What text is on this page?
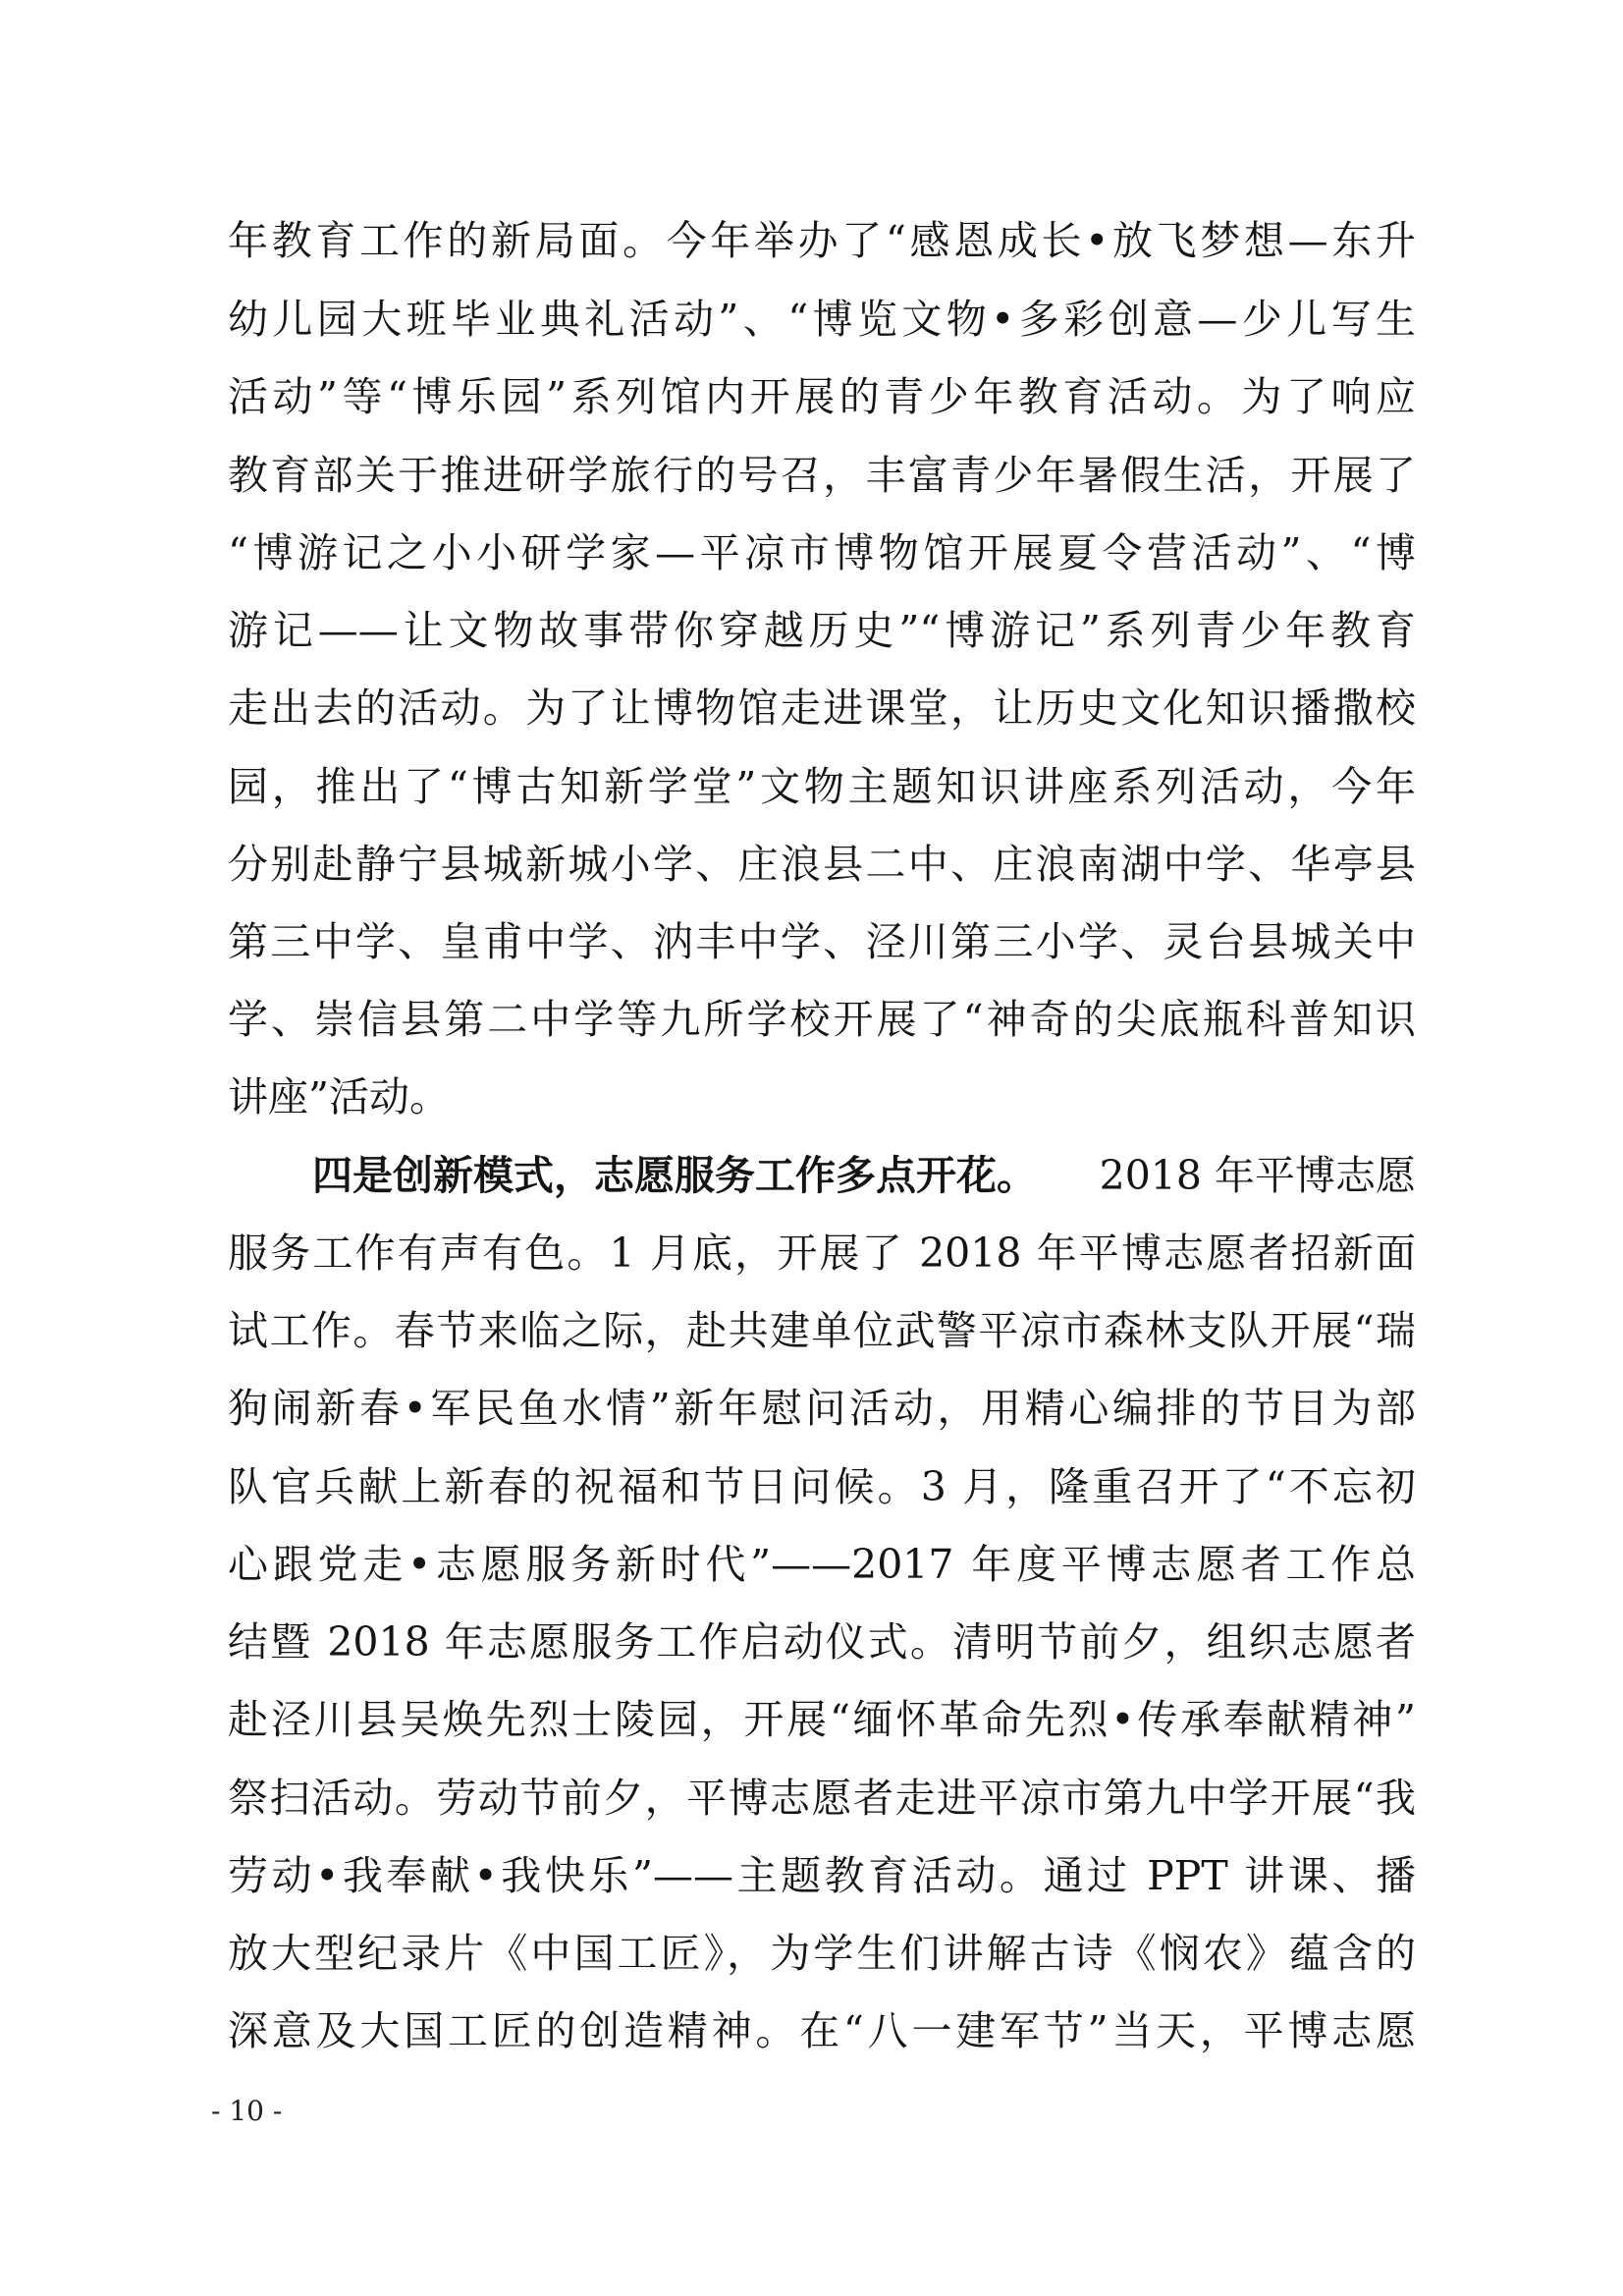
年教育工作的新局面。今年举办了“感恩成长•放飞梦想—东升
幼儿园大班毕业典礼活动”、“博览文物•多彩创意—少儿写生
活动”等“博乐园”系列馆内开展的青少年教育活动。为了响应
教育部关于推进研学旅行的号召，丰富青少年暑假生活，开展了
“博游记之小小研学家—平凉市博物馆开展夏令营活动”、“博
游记——让文物故事带你穿越历史”“博游记”系列青少年教育
走出去的活动。为了让博物馆走进课堂，让历史文化知识播撒校
园，推出了“博古知新学堂”文物主题知识讲座系列活动，今年
分别赴静宁县城新城小学、庄浪县二中、庄浪南湖中学、华亭县
第三中学、皇甫中学、汭丰中学、泾川第三小学、灵台县城关中
学、崇信县第二中学等九所学校开展了“神奇的尖底瓶科普知识
讲座”活动。
四是创新模式，志愿服务工作多点开花。 2018 年平博志愿
服务工作有声有色。1 月底，开展了 2018 年平博志愿者招新面
试工作。春节来临之际，赴共建单位武警平凉市森林支队开展“瑞
狗闹新春•军民鱼水情”新年慰问活动，用精心编排的节目为部
队官兵献上新春的祝福和节日问候。3 月，隆重召开了“不忘初
心跟党走•志愿服务新时代”——2017 年度平博志愿者工作总
结暨 2018 年志愿服务工作启动仪式。清明节前夕，组织志愿者
赴泾川县吴焕先烈士陵园，开展“缅怀革命先烈•传承奉献精神”
祭扫活动。劳动节前夕，平博志愿者走进平凉市第九中学开展“我
劳动•我奉献•我快乐”——主题教育活动。通过 PPT 讲课、播
放大型纪录片《中国工匠》，为学生们讲解古诗《悯农》蕴含的
深意及大国工匠的创造精神。在“八一建军节”当天，平博志愿
- 10 -
